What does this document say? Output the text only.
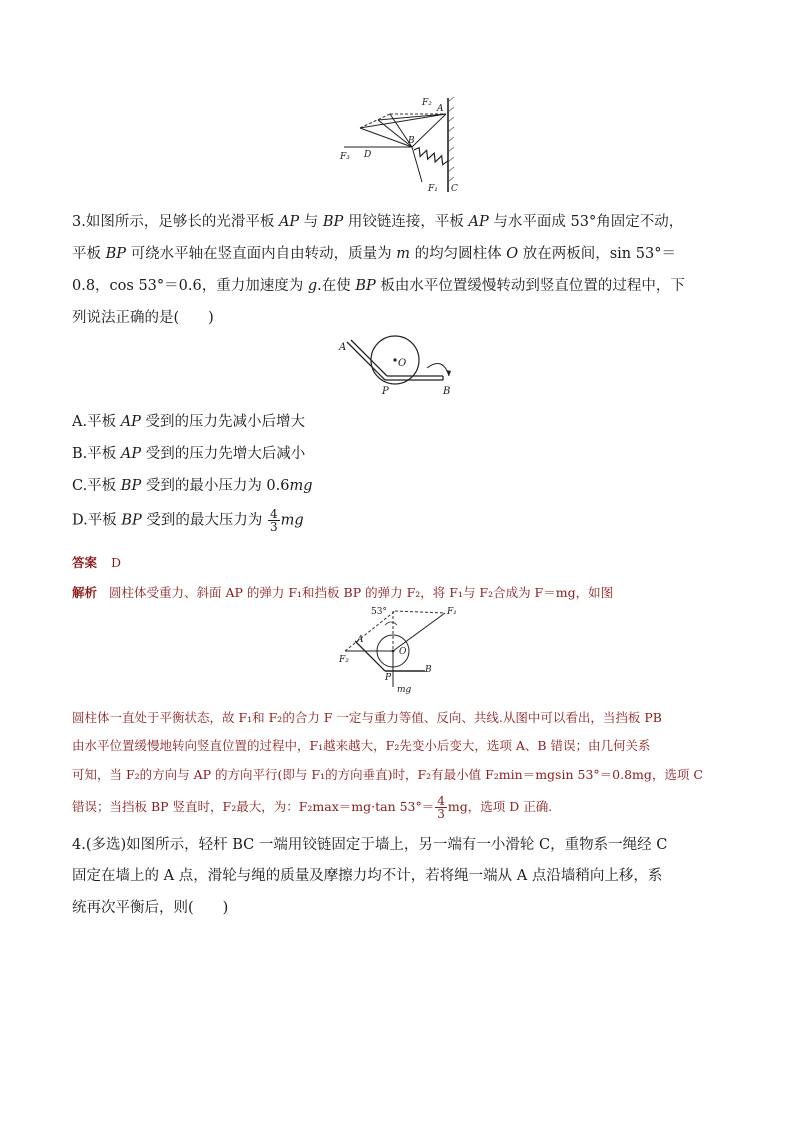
F₂
A
B
F₃ D
F₁ C
3.如图所示，足够长的光滑平板 AP 与 BP 用铰链连接，平板 AP 与水平面成 53°角固定不动，
平板 BP 可绕水平轴在竖直面内自由转动，质量为 m 的均匀圆柱体 O 放在两板间，sin 53°＝
0.8，cos 53°＝0.6，重力加速度为 g.在使 BP 板由水平位置缓慢转动到竖直位置的过程中，下
列说法正确的是(　　)
A
O
P	B
A.平板 AP 受到的压力先减小后增大
B.平板 AP 受到的压力先增大后减小
C.平板 BP 受到的最小压力为 0.6mg
D.平板 BP 受到的最大压力为 $\frac{4}{3}$ mg
答案 D
解析 圆柱体受重力、斜面 AP 的弹力 F₁和挡板 BP 的弹力 F₂，将 F₁与 F₂合成为 F＝mg，如图
53°	F₁
A
O
F₂
B
P
mg
圆柱体一直处于平衡状态，故 F₁和 F₂的合力 F 一定与重力等值、反向、共线.从图中可以看出，当挡板 PB
由水平位置缓慢地转向竖直位置的过程中，F₁越来越大，F₂先变小后变大，选项 A、B 错误；由几何关系
可知，当 F₂的方向与 AP 的方向平行(即与 F₁的方向垂直)时，F₂有最小值 F₂min＝mgsin 53°＝0.8mg，选项 C
错误；当挡板 BP 竖直时，F₂最大，为：F₂max＝mg·tan $53^\circ= \frac{4}{3}$ mg，选项 D 正确.
4.(多选)如图所示，轻杆 BC 一端用铰链固定于墙上，另一端有一小滑轮 C，重物系一绳经 C
固定在墙上的 A 点，滑轮与绳的质量及摩擦力均不计，若将绳一端从 A 点沿墙稍向上移，系
统再次平衡后，则(　　)
